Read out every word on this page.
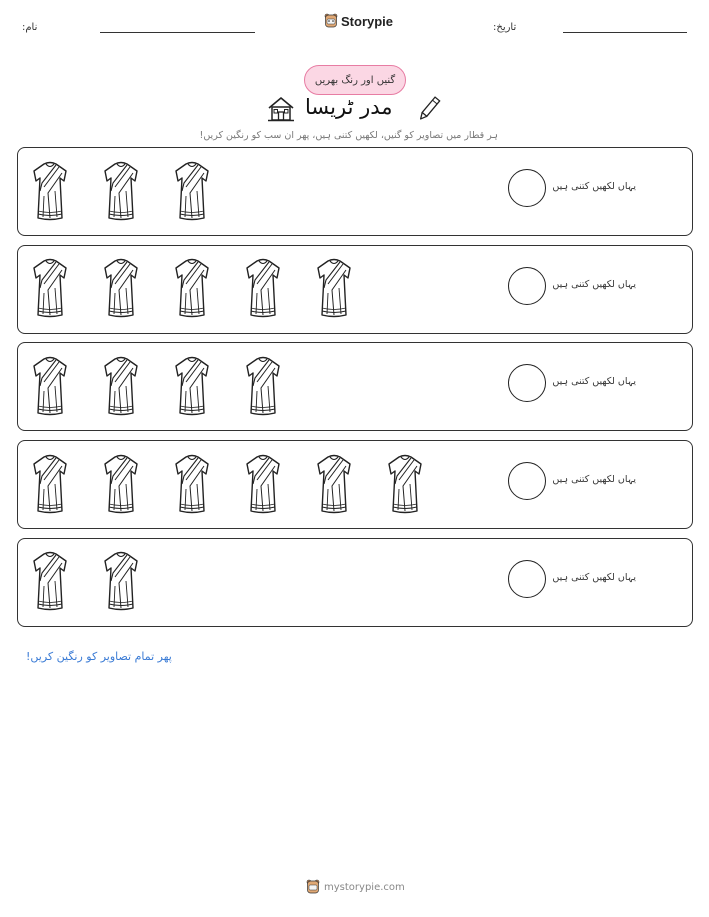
نام:	Storypie	تاریخ:
گنیں اور رنگ بھریں
مدر ٹریسا
ہر قطار میں تصاویر کو گنیں، لکھیں کتنی ہیں، پھر ان سب کو رنگین کریں!
یہاں لکھیں کتنی ہیں
یہاں لکھیں کتنی ہیں
یہاں لکھیں کتنی ہیں
یہاں لکھیں کتنی ہیں
یہاں لکھیں کتنی ہیں
پھر تمام تصاویر کو رنگین کریں!
mystorypie.com
